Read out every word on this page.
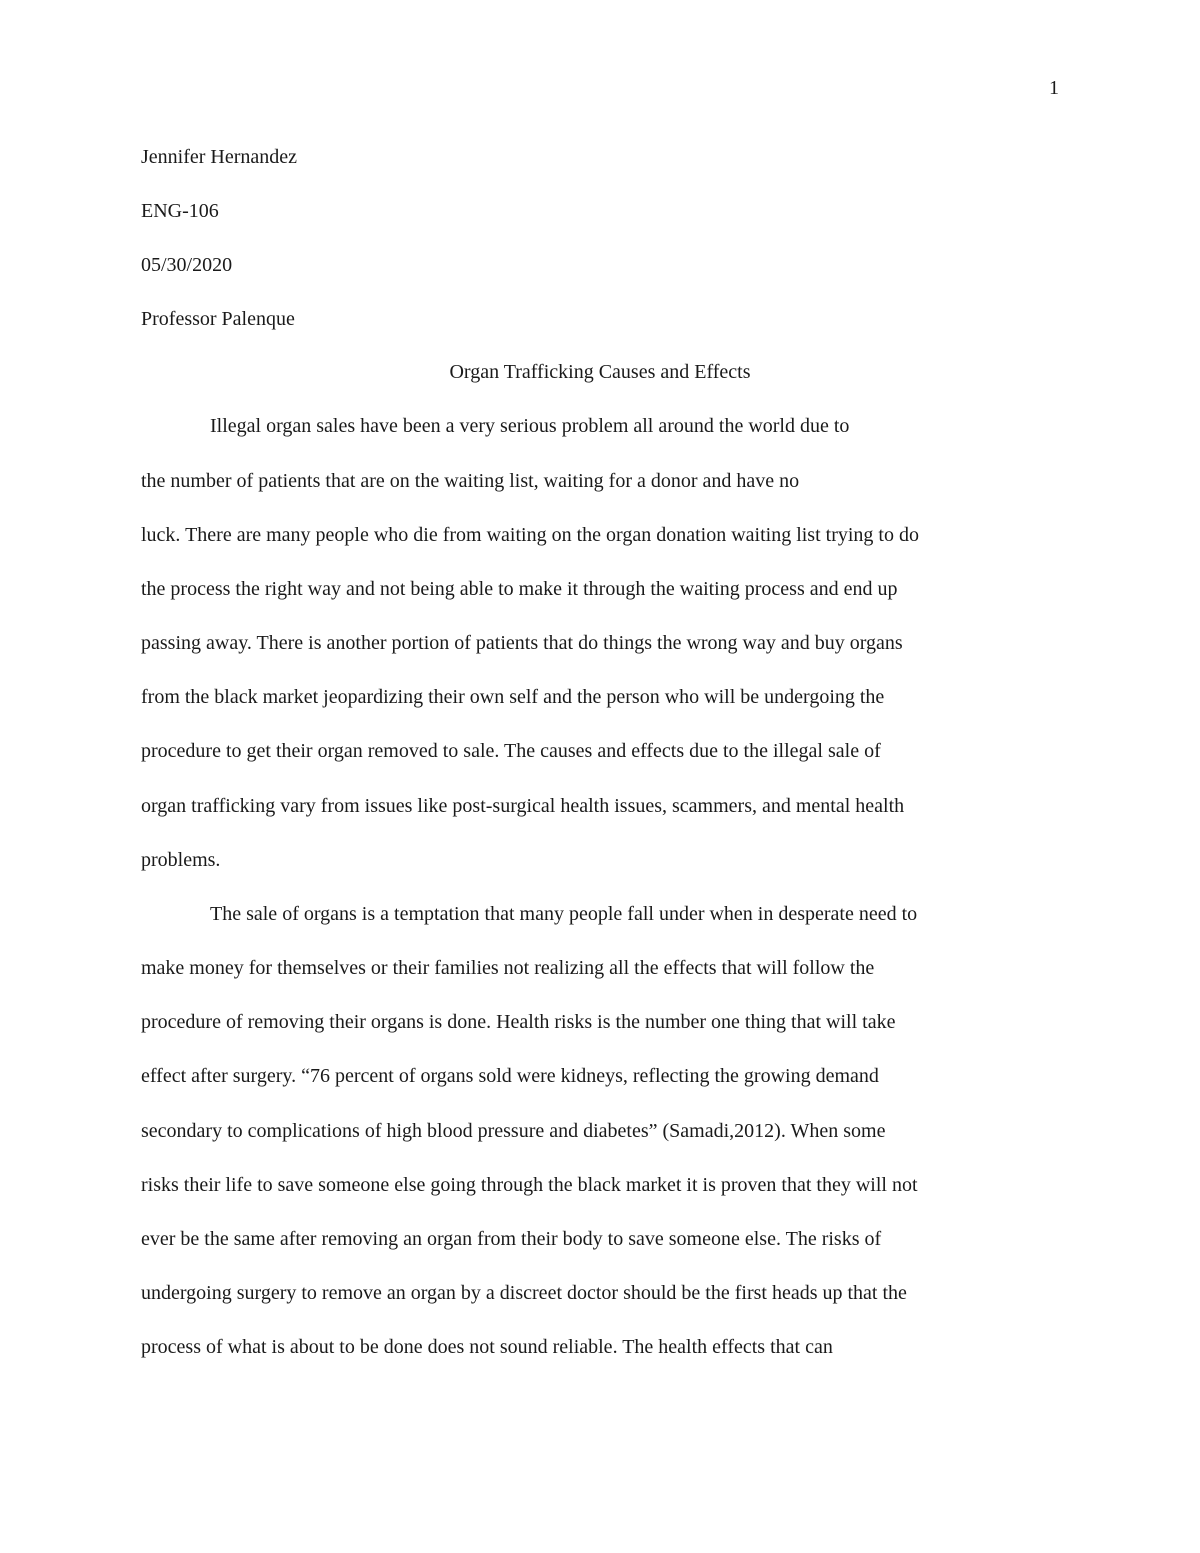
1
Jennifer Hernandez
ENG-106
05/30/2020
Professor Palenque
Organ Trafficking Causes and Effects
Illegal organ sales have been a very serious problem all around the world due to
the number of patients that are on the waiting list, waiting for a donor and have no
luck. There are many people who die from waiting on the organ donation waiting list trying to do
the process the right way and not being able to make it through the waiting process and end up
passing away. There is another portion of patients that do things the wrong way and buy organs
from the black market jeopardizing their own self and the person who will be undergoing the
procedure to get their organ removed to sale. The causes and effects due to the illegal sale of
organ trafficking vary from issues like post-surgical health issues, scammers, and mental health
problems.
The sale of organs is a temptation that many people fall under when in desperate need to
make money for themselves or their families not realizing all the effects that will follow the
procedure of removing their organs is done. Health risks is the number one thing that will take
effect after surgery. “76 percent of organs sold were kidneys, reflecting the growing demand
secondary to complications of high blood pressure and diabetes” (Samadi,2012). When some
risks their life to save someone else going through the black market it is proven that they will not
ever be the same after removing an organ from their body to save someone else. The risks of
undergoing surgery to remove an organ by a discreet doctor should be the first heads up that the
process of what is about to be done does not sound reliable. The health effects that can
